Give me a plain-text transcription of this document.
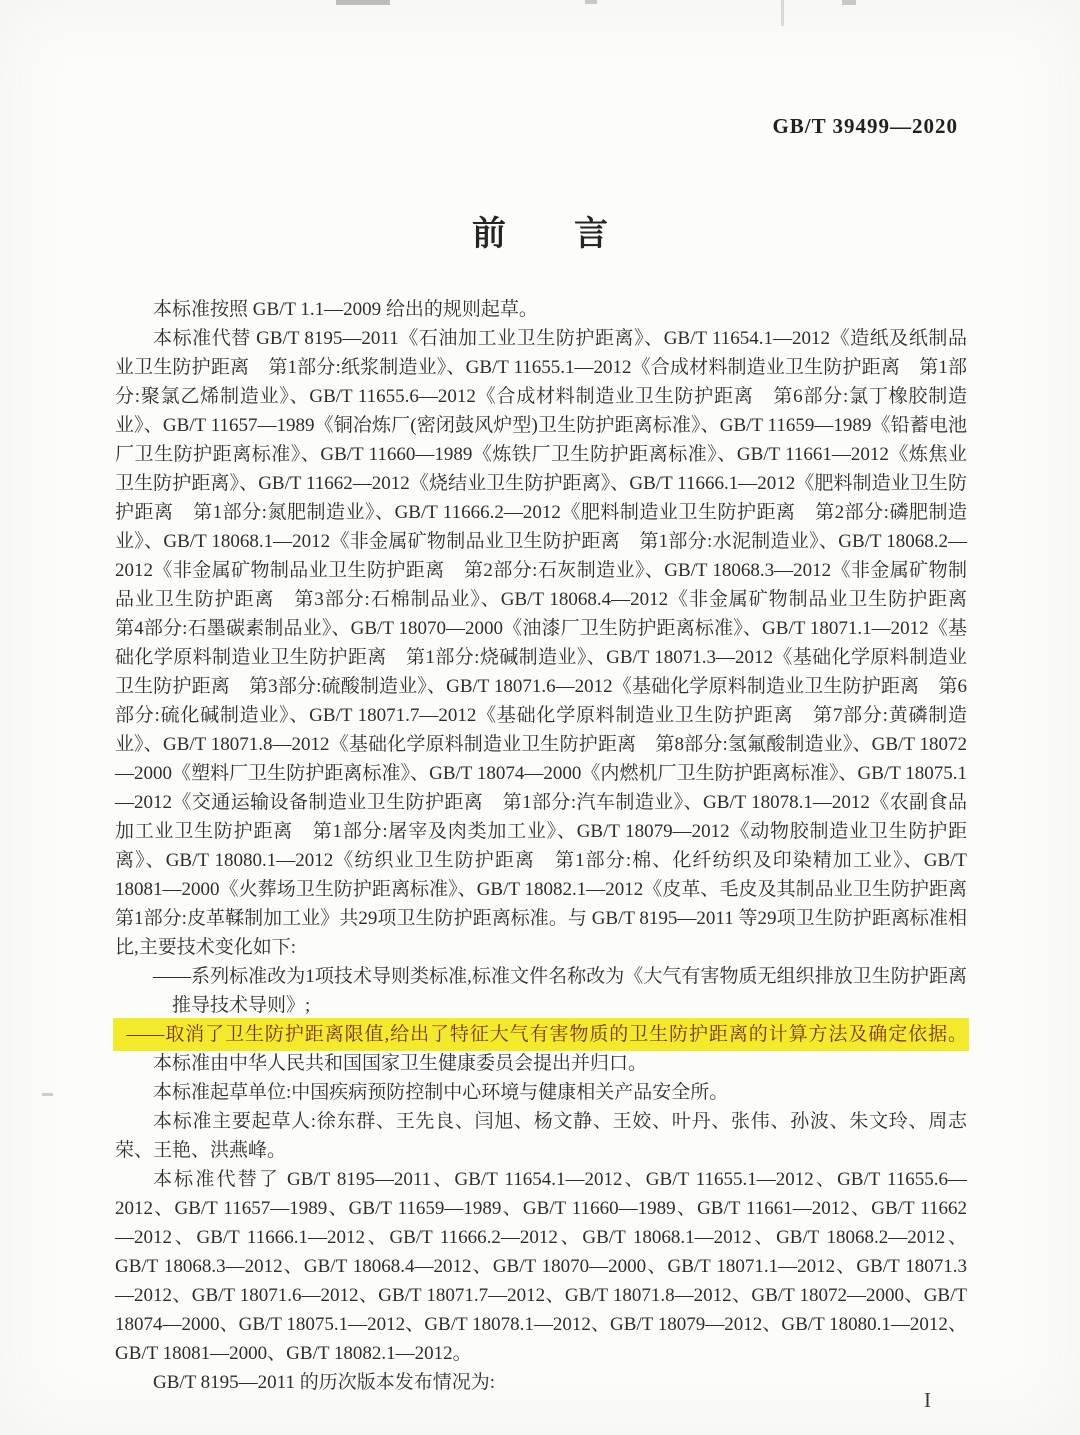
GB/T 39499—2020
前　　言

本标准按照 GB/T 1.1—2009 给出的规则起草。

本标准代替 GB/T 8195—2011《石油加工业卫生防护距离》、GB/T 11654.1—2012《造纸及纸制品业卫生防护距离　第1部分:纸浆制造业》、GB/T 11655.1—2012《合成材料制造业卫生防护距离　第1部分:聚氯乙烯制造业》、GB/T 11655.6—2012《合成材料制造业卫生防护距离　第6部分:氯丁橡胶制造业》、GB/T 11657—1989《铜冶炼厂(密闭鼓风炉型)卫生防护距离标准》、GB/T 11659—1989《铅蓄电池厂卫生防护距离标准》、GB/T 11660—1989《炼铁厂卫生防护距离标准》、GB/T 11661—2012《炼焦业卫生防护距离》、GB/T 11662—2012《烧结业卫生防护距离》、GB/T 11666.1—2012《肥料制造业卫生防护距离　第1部分:氮肥制造业》、GB/T 11666.2—2012《肥料制造业卫生防护距离　第2部分:磷肥制造业》、GB/T 18068.1—2012《非金属矿物制品业卫生防护距离　第1部分:水泥制造业》、GB/T 18068.2—2012《非金属矿物制品业卫生防护距离　第2部分:石灰制造业》、GB/T 18068.3—2012《非金属矿物制品业卫生防护距离　第3部分:石棉制品业》、GB/T 18068.4—2012《非金属矿物制品业卫生防护距离　第4部分:石墨碳素制品业》、GB/T 18070—2000《油漆厂卫生防护距离标准》、GB/T 18071.1—2012《基础化学原料制造业卫生防护距离　第1部分:烧碱制造业》、GB/T 18071.3—2012《基础化学原料制造业卫生防护距离　第3部分:硫酸制造业》、GB/T 18071.6—2012《基础化学原料制造业卫生防护距离　第6部分:硫化碱制造业》、GB/T 18071.7—2012《基础化学原料制造业卫生防护距离　第7部分:黄磷制造业》、GB/T 18071.8—2012《基础化学原料制造业卫生防护距离　第8部分:氢氟酸制造业》、GB/T 18072—2000《塑料厂卫生防护距离标准》、GB/T 18074—2000《内燃机厂卫生防护距离标准》、GB/T 18075.1—2012《交通运输设备制造业卫生防护距离　第1部分:汽车制造业》、GB/T 18078.1—2012《农副食品加工业卫生防护距离　第1部分:屠宰及肉类加工业》、GB/T 18079—2012《动物胶制造业卫生防护距离》、GB/T 18080.1—2012《纺织业卫生防护距离　第1部分:棉、化纤纺织及印染精加工业》、GB/T 18081—2000《火葬场卫生防护距离标准》、GB/T 18082.1—2012《皮革、毛皮及其制品业卫生防护距离　第1部分:皮革鞣制加工业》共29项卫生防护距离标准。与 GB/T 8195—2011 等29项卫生防护距离标准相比,主要技术变化如下:

——系列标准改为1项技术导则类标准,标准文件名称改为《大气有害物质无组织排放卫生防护距离推导技术导则》;

——取消了卫生防护距离限值,给出了特征大气有害物质的卫生防护距离的计算方法及确定依据。

本标准由中华人民共和国国家卫生健康委员会提出并归口。

本标准起草单位:中国疾病预防控制中心环境与健康相关产品安全所。

本标准主要起草人:徐东群、王先良、闫旭、杨文静、王姣、叶丹、张伟、孙波、朱文玲、周志荣、王艳、洪燕峰。

本标准代替了 GB/T 8195—2011、GB/T 11654.1—2012、GB/T 11655.1—2012、GB/T 11655.6—2012、GB/T 11657—1989、GB/T 11659—1989、GB/T 11660—1989、GB/T 11661—2012、GB/T 11662—2012、GB/T 11666.1—2012、GB/T 11666.2—2012、GB/T 18068.1—2012、GB/T 18068.2—2012、GB/T 18068.3—2012、GB/T 18068.4—2012、GB/T 18070—2000、GB/T 18071.1—2012、GB/T 18071.3—2012、GB/T 18071.6—2012、GB/T 18071.7—2012、GB/T 18071.8—2012、GB/T 18072—2000、GB/T 18074—2000、GB/T 18075.1—2012、GB/T 18078.1—2012、GB/T 18079—2012、GB/T 18080.1—2012、GB/T 18081—2000、GB/T 18082.1—2012。

GB/T 8195—2011 的历次版本发布情况为:

I
